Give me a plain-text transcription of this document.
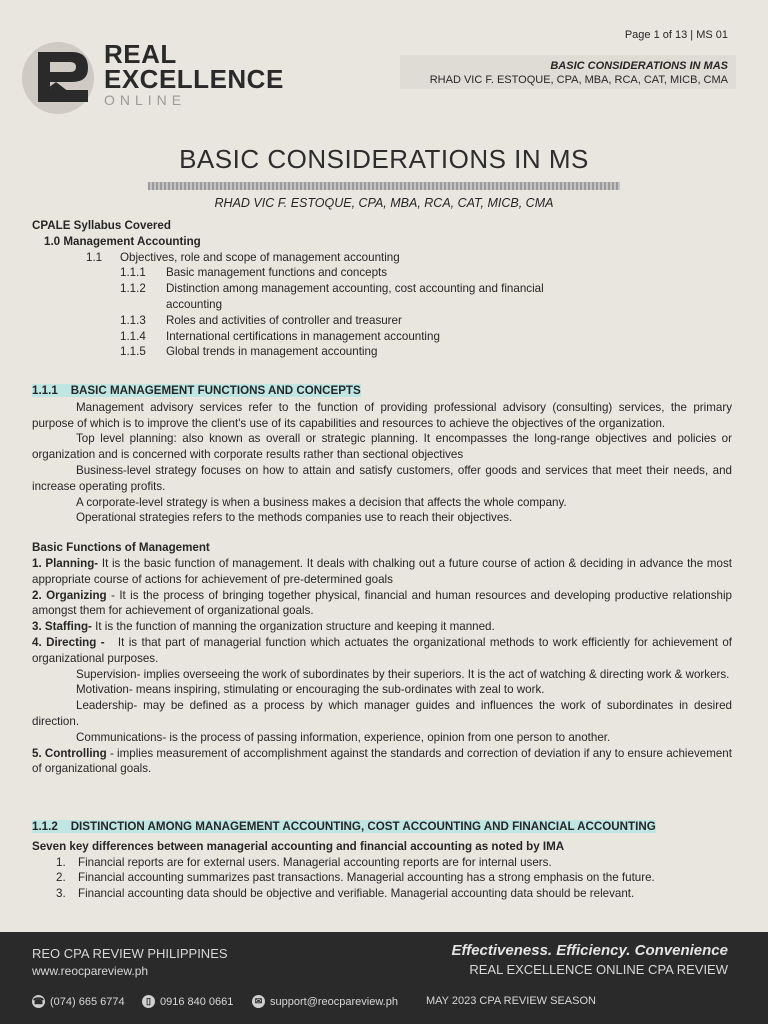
REAL
EXCELLENCE
ONLINE
Page 1 of 13 | MS 01
BASIC CONSIDERATIONS IN MAS
RHAD VIC F. ESTOQUE, CPA, MBA, RCA, CAT, MICB, CMA
BASIC CONSIDERATIONS IN MS
RHAD VIC F. ESTOQUE, CPA, MBA, RCA, CAT, MICB, CMA

CPALE Syllabus Covered

1.0 Management Accounting

1.1	Objectives, role and scope of management accounting
1.1.1	Basic management functions and concepts
1.1.2	Distinction among management accounting, cost accounting and financial accounting
1.1.3	Roles and activities of controller and treasurer
1.1.4	International certifications in management accounting
1.1.5	Global trends in management accounting

1.1.1 BASIC MANAGEMENT FUNCTIONS AND CONCEPTS

Management advisory services refer to the function of providing professional advisory (consulting) services, the primary purpose of which is to improve the client's use of its capabilities and resources to achieve the objectives of the organization.

Top level planning: also known as overall or strategic planning. It encompasses the long-range objectives and policies or organization and is concerned with corporate results rather than sectional objectives

Business-level strategy focuses on how to attain and satisfy customers, offer goods and services that meet their needs, and increase operating profits.

A corporate-level strategy is when a business makes a decision that affects the whole company.

Operational strategies refers to the methods companies use to reach their objectives.

Basic Functions of Management

1. Planning- It is the basic function of management. It deals with chalking out a future course of action & deciding in advance the most appropriate course of actions for achievement of pre-determined goals

2. Organizing - It is the process of bringing together physical, financial and human resources and developing productive relationship amongst them for achievement of organizational goals.

3. Staffing- It is the function of manning the organization structure and keeping it manned.

4. Directing - It is that part of managerial function which actuates the organizational methods to work efficiently for achievement of organizational purposes.

Supervision- implies overseeing the work of subordinates by their superiors. It is the act of watching & directing work & workers.

Motivation- means inspiring, stimulating or encouraging the sub-ordinates with zeal to work.

Leadership- may be defined as a process by which manager guides and influences the work of subordinates in desired direction.

Communications- is the process of passing information, experience, opinion from one person to another.

5. Controlling - implies measurement of accomplishment against the standards and correction of deviation if any to ensure achievement of organizational goals.

1.1.2 DISTINCTION AMONG MANAGEMENT ACCOUNTING, COST ACCOUNTING AND FINANCIAL ACCOUNTING

Seven key differences between managerial accounting and financial accounting as noted by IMA

1.	Financial reports are for external users. Managerial accounting reports are for internal users.
2.	Financial accounting summarizes past transactions. Managerial accounting has a strong emphasis on the future.
3.	Financial accounting data should be objective and verifiable. Managerial accounting data should be relevant.
REO CPA REVIEW PHILIPPINES
www.reocpareview.ph
Effectiveness. Efficiency. Convenience
REAL EXCELLENCE ONLINE CPA REVIEW
☎ (074) 665 6774	▯ 0916 840 0661	✉ support@reocpareview.ph	MAY 2023 CPA REVIEW SEASON
